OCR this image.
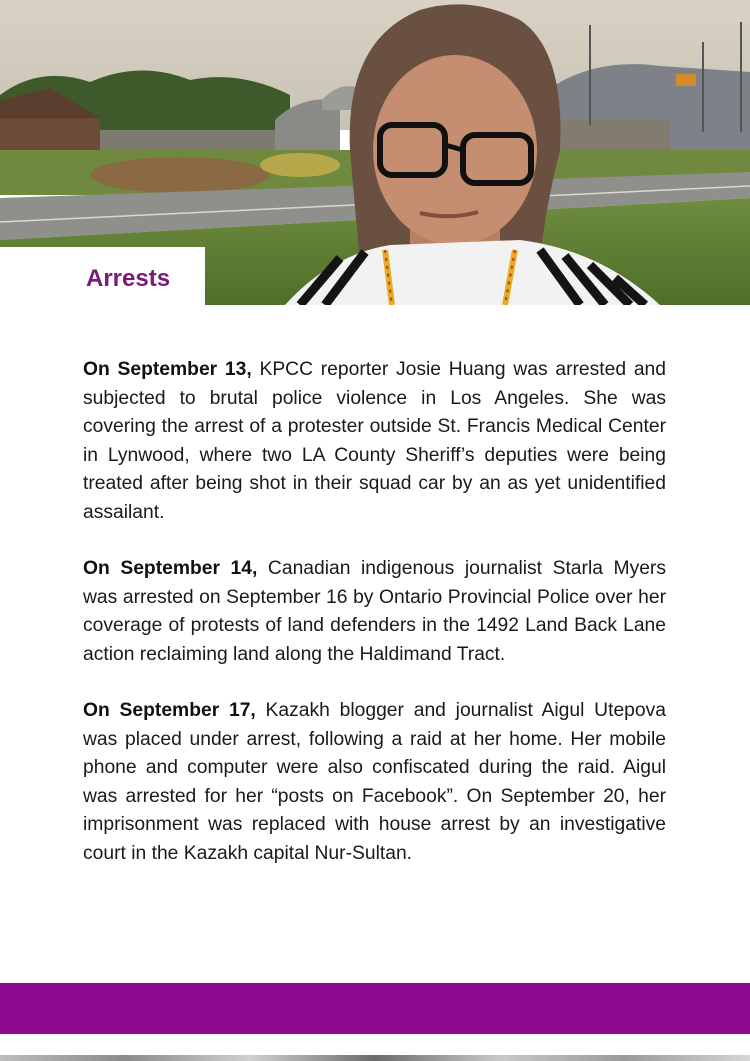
Arrests

On September 13, KPCC reporter Josie Huang was arrested and subjected to brutal police violence in Los Angeles. She was covering the arrest of a protester outside St. Francis Medical Center in Lynwood, where two LA County Sheriff’s deputies were being treated after being shot in their squad car by an as yet unidentified assailant.

On September 14, Canadian indigenous journalist Starla Myers was arrested on September 16 by Ontario Provincial Police over her coverage of protests of land defenders in the 1492 Land Back Lane action reclaiming land along the Haldimand Tract.

On September 17, Kazakh blogger and journalist Aigul Utepova was placed under arrest, following a raid at her home. Her mobile phone and computer were also confiscated during the raid. Aigul was arrested for her “posts on Facebook”. On September 20, her imprisonment was replaced with house arrest by an investigative court in the Kazakh capital Nur-Sultan.
